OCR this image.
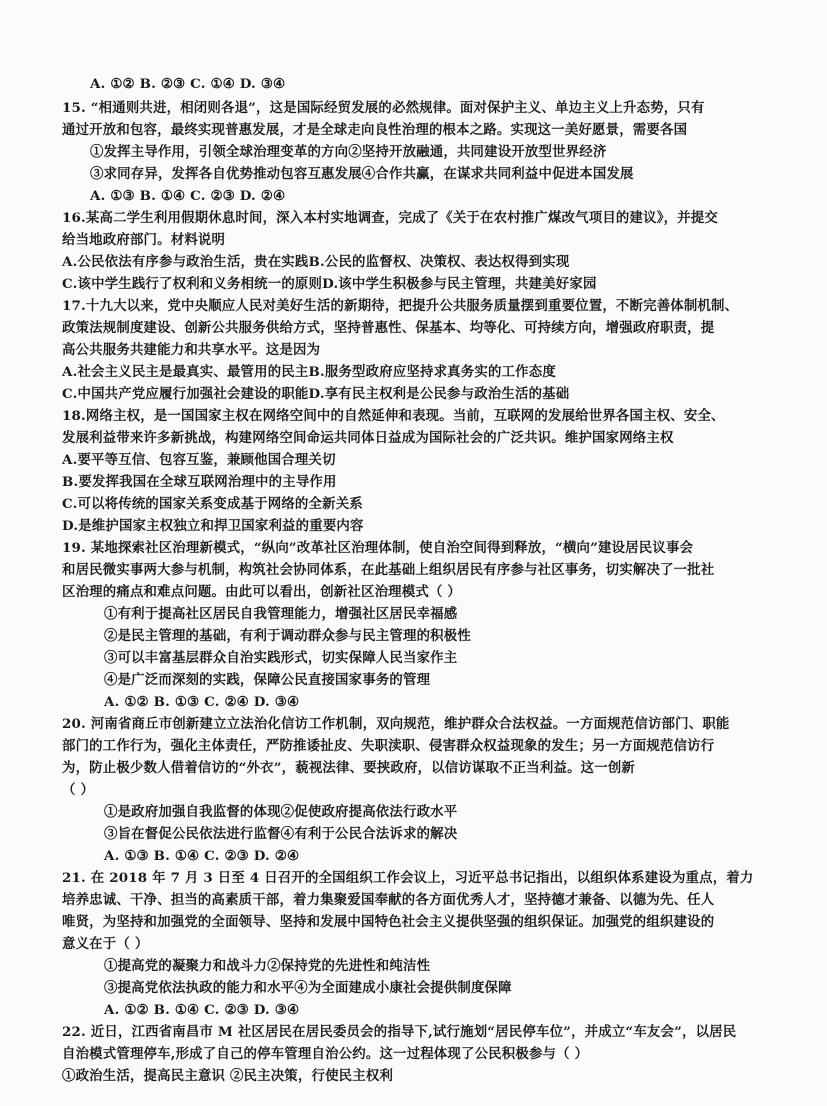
A. ①② B. ②③ C. ①④ D. ③④
15. “相通则共进，相闭则各退”，这是国际经贸发展的必然规律。面对保护主义、单边主义上升态势，只有
通过开放和包容，最终实现普惠发展，才是全球走向良性治理的根本之路。实现这一美好愿景，需要各国
①发挥主导作用，引领全球治理变革的方向②坚持开放融通，共同建设开放型世界经济
③求同存异，发挥各自优势推动包容互惠发展④合作共赢，在谋求共同利益中促进本国发展
A. ①③ B. ①④ C. ②③ D. ②④
16.某高二学生利用假期休息时间，深入本村实地调查，完成了《关于在农村推广煤改气项目的建议》，并提交
给当地政府部门。材料说明
A.公民依法有序参与政治生活，贵在实践B.公民的监督权、决策权、表达权得到实现
C.该中学生践行了权利和义务相统一的原则D.该中学生积极参与民主管理，共建美好家园
17.十九大以来，党中央顺应人民对美好生活的新期待，把提升公共服务质量摆到重要位置，不断完善体制机制、
政策法规制度建设、创新公共服务供给方式，坚持普惠性、保基本、均等化、可持续方向，增强政府职责，提
高公共服务共建能力和共享水平。这是因为
A.社会主义民主是最真实、最管用的民主B.服务型政府应坚持求真务实的工作态度
C.中国共产党应履行加强社会建设的职能D.享有民主权利是公民参与政治生活的基础
18.网络主权，是一国国家主权在网络空间中的自然延伸和表现。当前，互联网的发展给世界各国主权、安全、
发展利益带来许多新挑战，构建网络空间命运共同体日益成为国际社会的广泛共识。维护国家网络主权
A.要平等互信、包容互鉴，兼顾他国合理关切
B.要发挥我国在全球互联网治理中的主导作用
C.可以将传统的国家关系变成基于网络的全新关系
D.是维护国家主权独立和捍卫国家利益的重要内容
19. 某地探索社区治理新模式，“纵向”改革社区治理体制，使自治空间得到释放，“横向”建设居民议事会
和居民微实事两大参与机制，构筑社会协同体系，在此基础上组织居民有序参与社区事务，切实解决了一批社
区治理的痛点和难点问题。由此可以看出，创新社区治理模式（ ）
①有利于提高社区居民自我管理能力，增强社区居民幸福感
②是民主管理的基础，有利于调动群众参与民主管理的积极性
③可以丰富基层群众自治实践形式，切实保障人民当家作主
④是广泛而深刻的实践，保障公民直接国家事务的管理
A. ①② B. ①③ C. ②④ D. ③④
20. 河南省商丘市创新建立立法治化信访工作机制，双向规范，维护群众合法权益。一方面规范信访部门、职能
部门的工作行为，强化主体责任，严防推诿扯皮、失职渎职、侵害群众权益现象的发生；另一方面规范信访行
为，防止极少数人借着信访的“外衣”，藐视法律、要挟政府，以信访谋取不正当利益。这一创新
（ ）
①是政府加强自我监督的体现②促使政府提高依法行政水平
③旨在督促公民依法进行监督④有利于公民合法诉求的解决
A. ①③ B. ①④ C. ②③ D. ②④
21. 在 2018 年 7 月 3 日至 4 日召开的全国组织工作会议上，习近平总书记指出，以组织体系建设为重点，着力
培养忠诚、干净、担当的高素质干部，着力集聚爱国奉献的各方面优秀人才，坚持德才兼备、以德为先、任人
唯贤，为坚持和加强党的全面领导、坚持和发展中国特色社会主义提供坚强的组织保证。加强党的组织建设的
意义在于（ ）
①提高党的凝聚力和战斗力②保持党的先进性和纯洁性
③提高党依法执政的能力和水平④为全面建成小康社会提供制度保障
A. ①② B. ①④ C. ②③ D. ③④
22. 近日，江西省南昌市 M 社区居民在居民委员会的指导下,试行施划“居民停车位”，并成立“车友会”，以居民
自治模式管理停车,形成了自己的停车管理自治公约。这一过程体现了公民积极参与（ ）
①政治生活，提高民主意识 ②民主决策，行使民主权利
